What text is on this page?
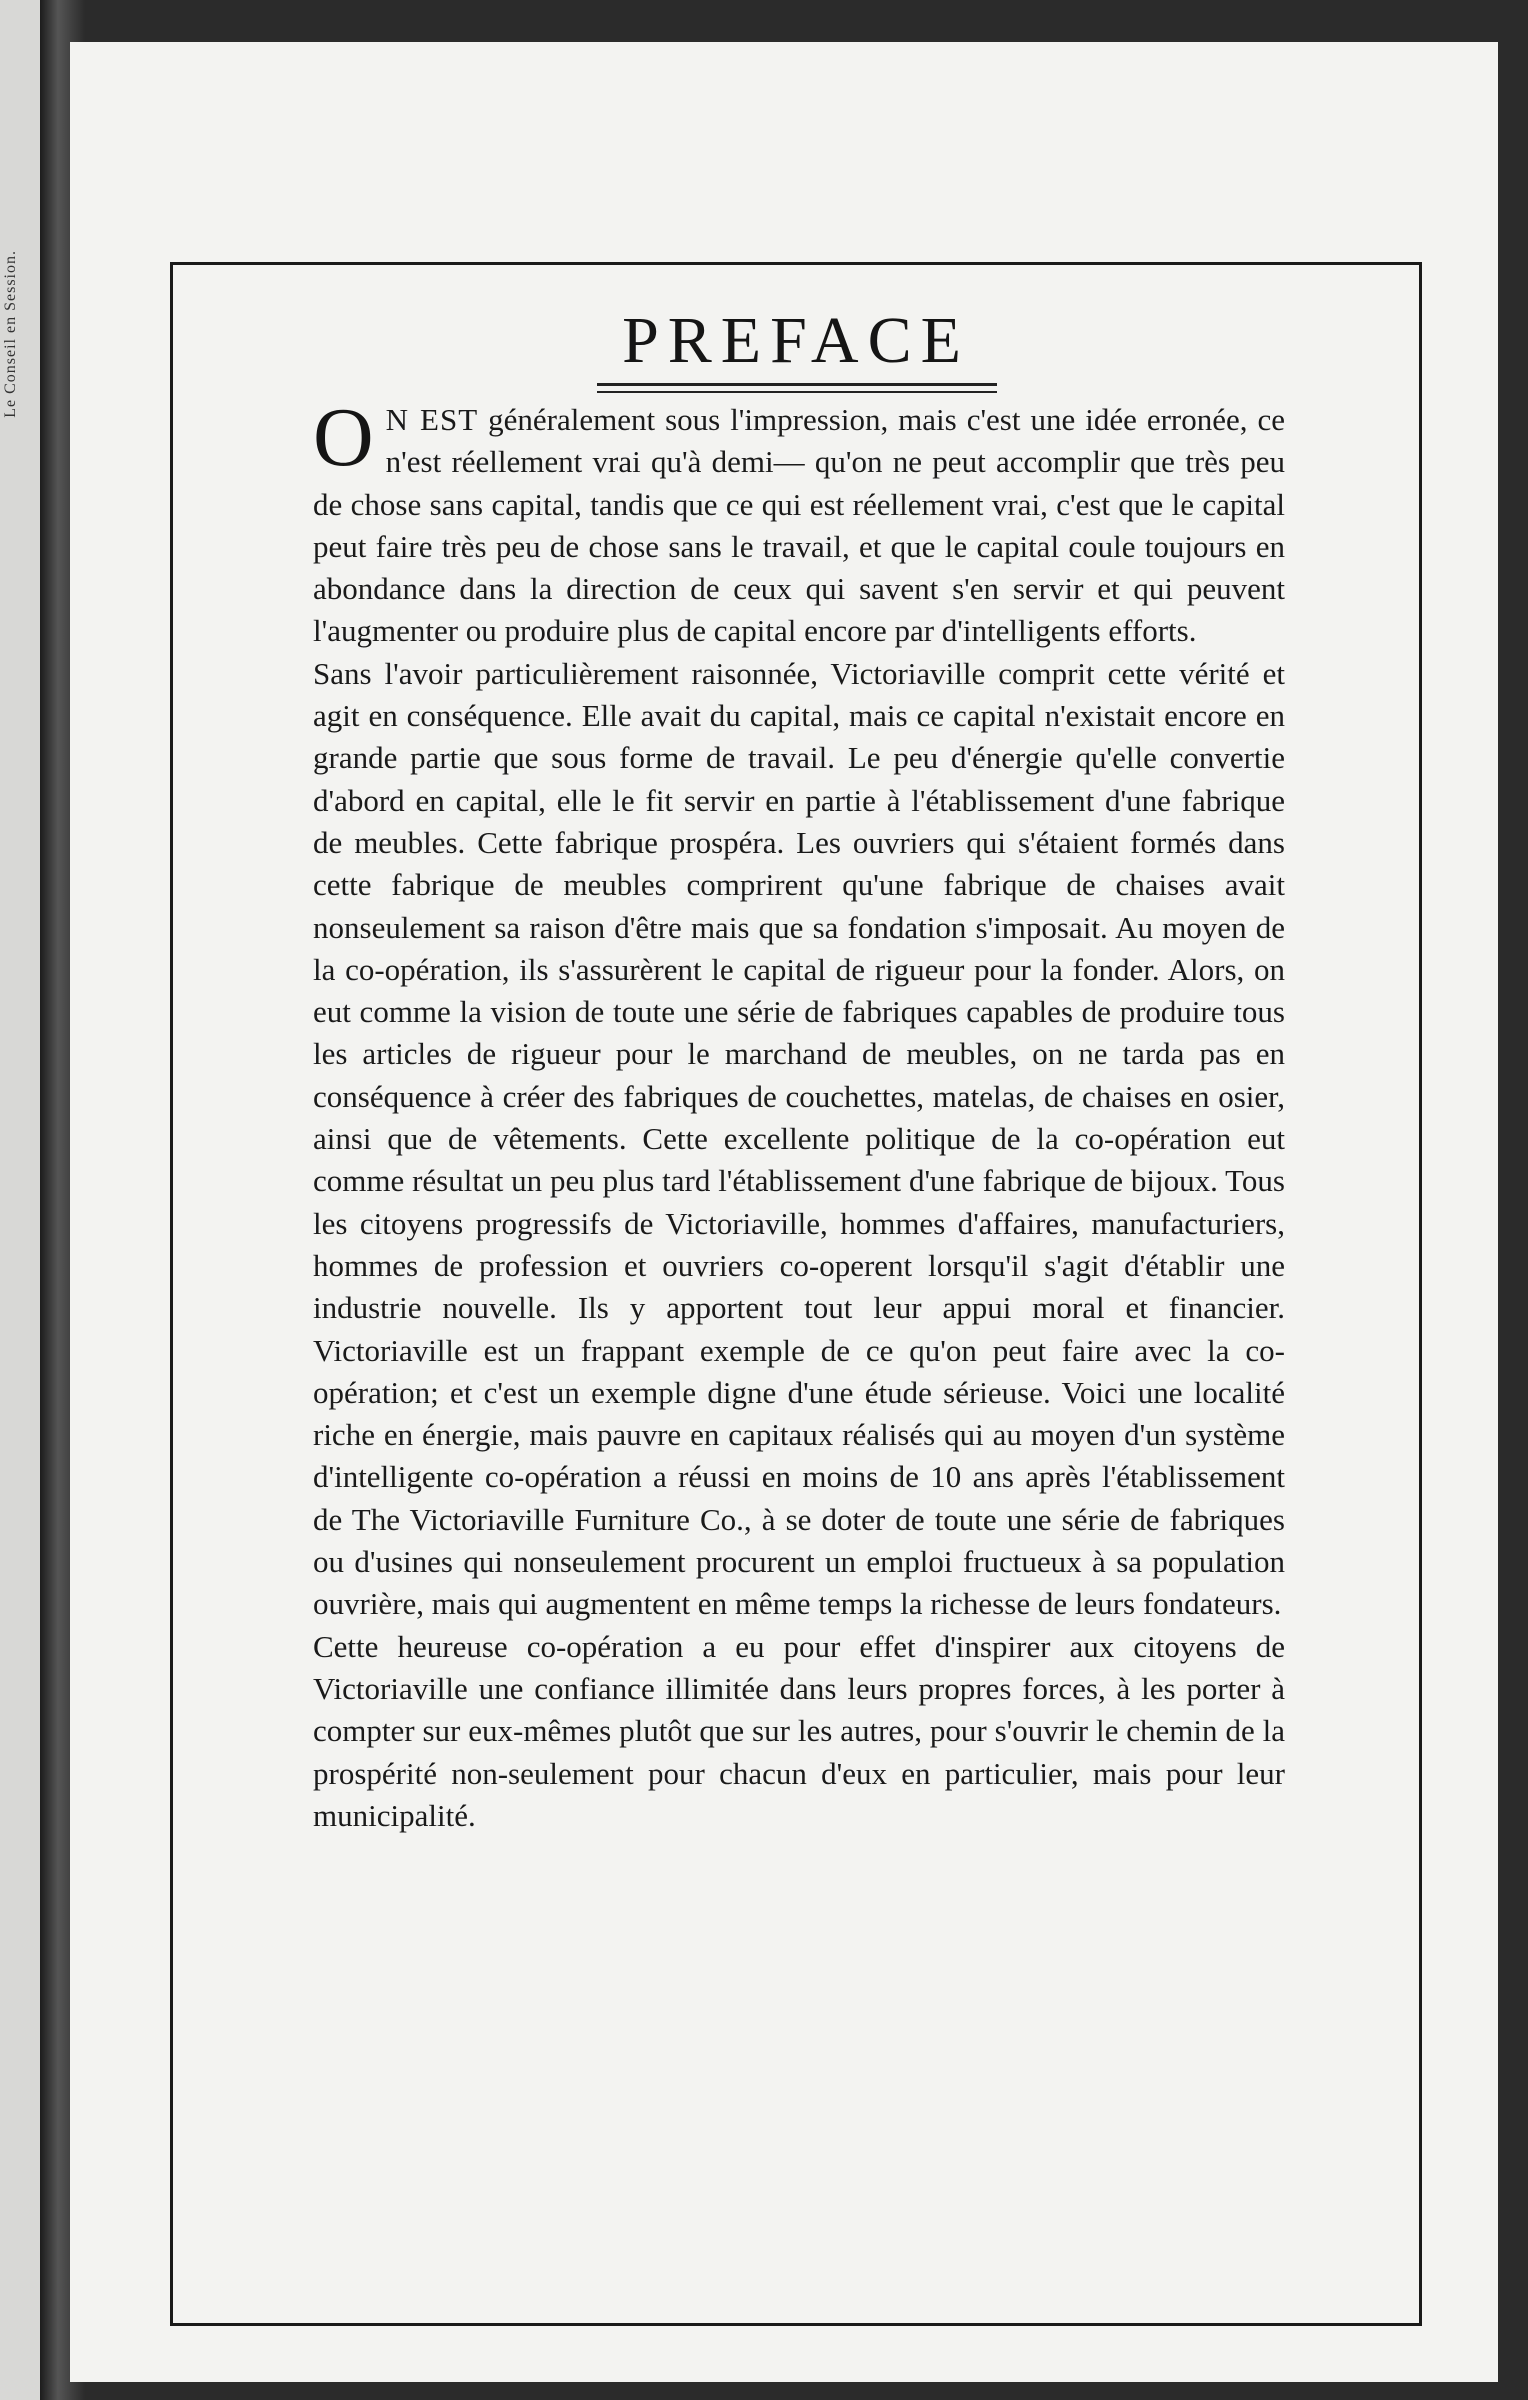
Le Conseil en Session.	PREFACE

O N EST généralement sous l'impression, mais c'est une idée erronée, ce n'est réellement vrai qu'à demi— qu'on ne peut accomplir que très peu de chose sans capital, tandis que ce qui est réellement vrai, c'est que le capital peut faire très peu de chose sans le travail, et que le capital coule toujours en abondance dans la direction de ceux qui savent s'en servir et qui peuvent l'augmenter ou produire plus de capital encore par d'intelligents efforts.

Sans l'avoir particulièrement raisonnée, Victoriaville comprit cette vérité et agit en conséquence. Elle avait du capital, mais ce capital n'existait encore en grande partie que sous forme de travail. Le peu d'énergie qu'elle convertie d'abord en capital, elle le fit servir en partie à l'établissement d'une fabrique de meubles. Cette fabrique prospéra. Les ouvriers qui s'étaient formés dans cette fabrique de meubles comprirent qu'une fabrique de chaises avait nonseulement sa raison d'être mais que sa fondation s'imposait. Au moyen de la co-opération, ils s'assurèrent le capital de rigueur pour la fonder. Alors, on eut comme la vision de toute une série de fabriques capables de produire tous les articles de rigueur pour le marchand de meubles, on ne tarda pas en conséquence à créer des fabriques de couchettes, matelas, de chaises en osier, ainsi que de vêtements. Cette excellente politique de la co-opération eut comme résultat un peu plus tard l'établissement d'une fabrique de bijoux. Tous les citoyens progressifs de Victoriaville, hommes d'affaires, manufacturiers, hommes de profession et ouvriers co-operent lorsqu'il s'agit d'établir une industrie nouvelle. Ils y apportent tout leur appui moral et financier. Victoriaville est un frappant exemple de ce qu'on peut faire avec la co-opération; et c'est un exemple digne d'une étude sérieuse. Voici une localité riche en énergie, mais pauvre en capitaux réalisés qui au moyen d'un système d'intelligente co-opération a réussi en moins de 10 ans après l'établissement de The Victoriaville Furniture Co., à se doter de toute une série de fabriques ou d'usines qui nonseulement procurent un emploi fructueux à sa population ouvrière, mais qui augmentent en même temps la richesse de leurs fondateurs.

Cette heureuse co-opération a eu pour effet d'inspirer aux citoyens de Victoriaville une confiance illimitée dans leurs propres forces, à les porter à compter sur eux-mêmes plutôt que sur les autres, pour s'ouvrir le chemin de la prospérité non-seulement pour chacun d'eux en particulier, mais pour leur municipalité.
